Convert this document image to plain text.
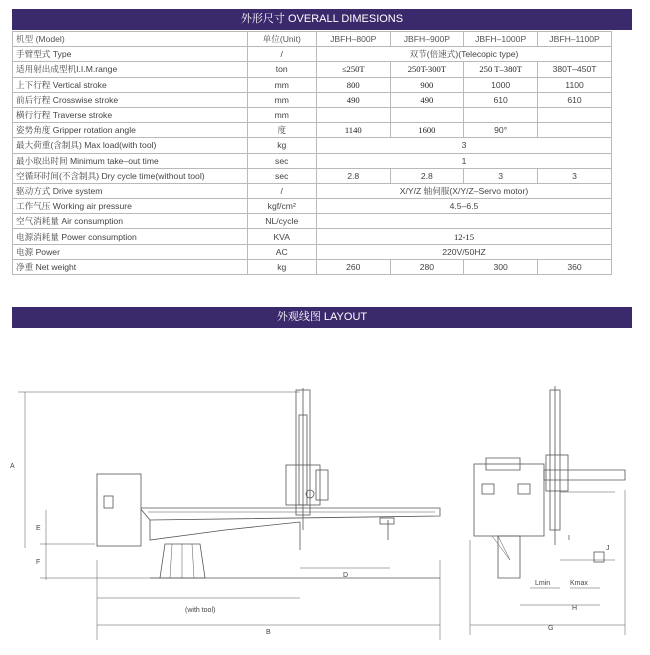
外形尺寸 OVERALL DIMESIONS
机型 (Model)	单位(Unit)	JBFH–800P	JBFH–900P	JBFH–1000P	JBFH–1100P
手臂型式 Type	/	双节(倍速式)(Telecopic type)			
适用射出成型机I.I.M.range	ton	≤250T	250T-300T	250 T–380T	380T–450T
上下行程 Vertical stroke	mm	800	900	1000	1100
前后行程 Crosswise stroke	mm	490	490	610	610
横行行程 Traverse stroke	mm				
姿势角度 Gripper rotation angle	度	1140	1600	90°	
最大荷重(含制具) Max load(with tool)	kg	3			
最小取出时间 Minimum take–out time	sec	1			
空循环时间(不含制具) Dry cycle time(without tool)	sec	2.8	2.8	3	3
驱动方式 Drive system	/	X/Y/Z 轴伺服(X/Y/Z–Servo motor)			
工作气压 Working air pressure	kgf/cm²	4.5–6.5			
空气消耗量 Air consumption	NL/cycle				
电源消耗量 Power consumption	KVA	12-15			
电源 Power	AC	220V/50HZ			
净重 Net weight	kg	260	280	300	360
外观线图 LAYOUT
A
E
F
D
(with tool)
B
Lmin	Kmax
H
G
I
J
